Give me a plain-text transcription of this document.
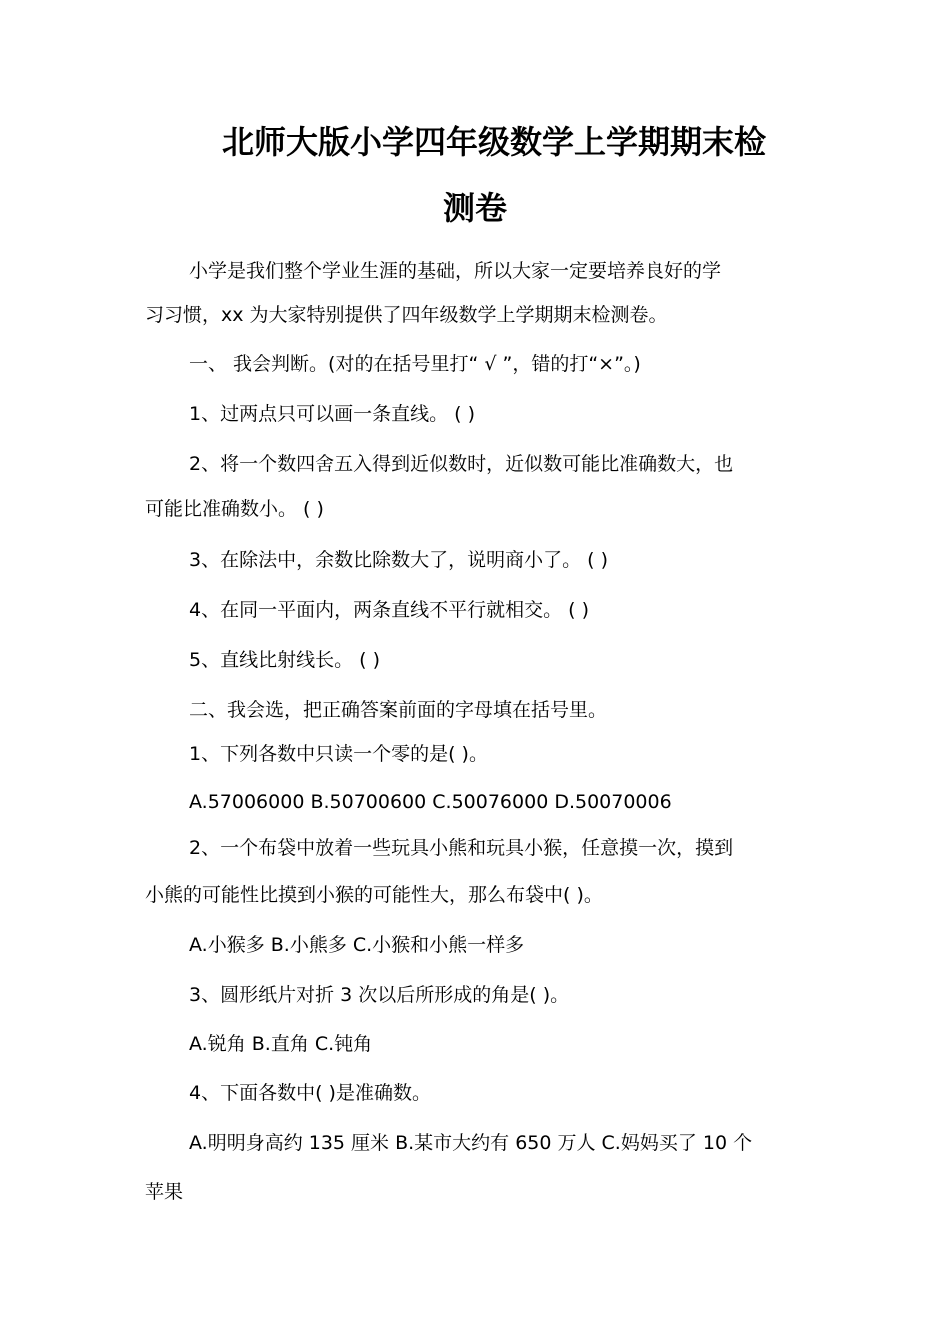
北师大版小学四年级数学上学期期末检
测卷
小学是我们整个学业生涯的基础，所以大家一定要培养良好的学
习习惯，xx 为大家特别提供了四年级数学上学期期末检测卷。
一、 我会判断。(对的在括号里打“ √ ”，错的打“×”。)
1、过两点只可以画一条直线。 ( )
2、将一个数四舍五入得到近似数时，近似数可能比准确数大，也
可能比准确数小。 ( )
3、在除法中，余数比除数大了，说明商小了。 ( )
4、在同一平面内，两条直线不平行就相交。 ( )
5、直线比射线长。 ( )
二、我会选，把正确答案前面的字母填在括号里。
1、下列各数中只读一个零的是( )。
A.57006000 B.50700600 C.50076000 D.50070006
2、一个布袋中放着一些玩具小熊和玩具小猴，任意摸一次，摸到
小熊的可能性比摸到小猴的可能性大，那么布袋中( )。
A.小猴多 B.小熊多 C.小猴和小熊一样多
3、圆形纸片对折 3 次以后所形成的角是( )。
A.锐角 B.直角 C.钝角
4、下面各数中( )是准确数。
A.明明身高约 135 厘米 B.某市大约有 650 万人 C.妈妈买了 10 个
苹果
